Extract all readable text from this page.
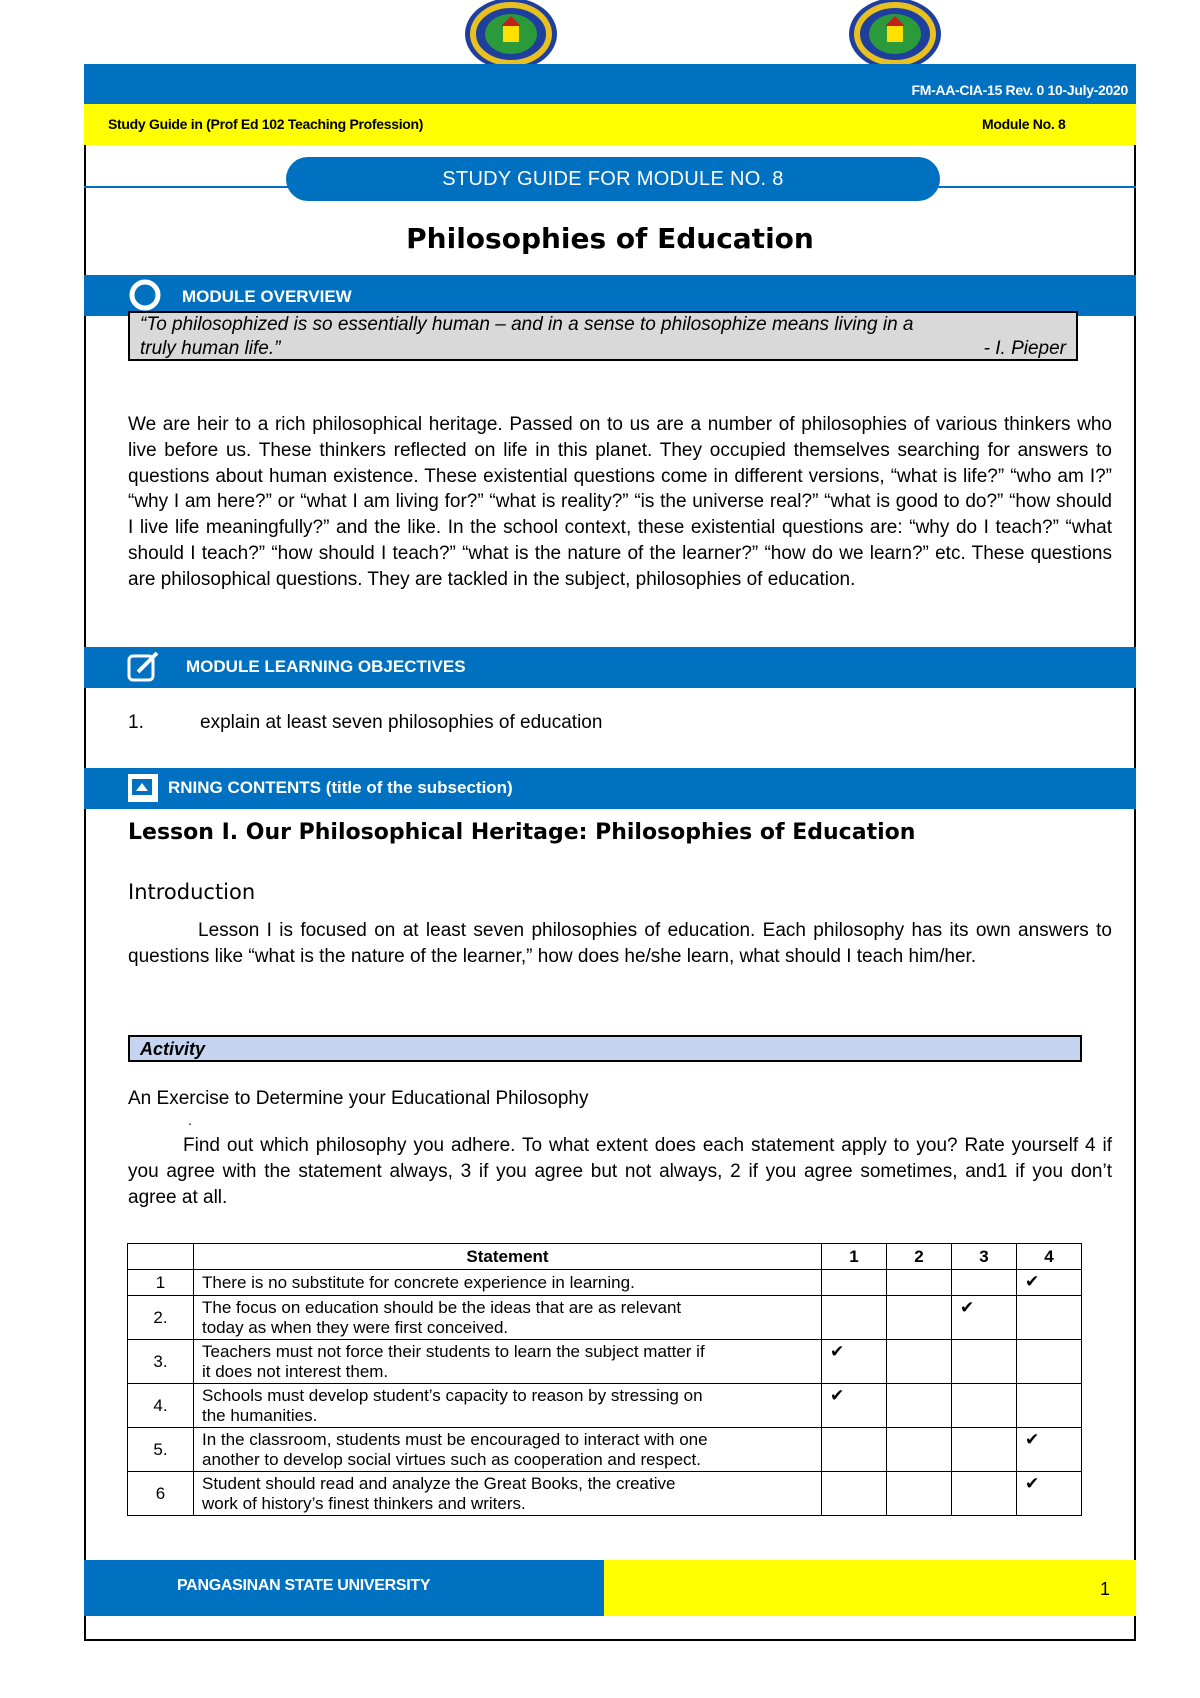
FM-AA-CIA-15 Rev. 0 10-July-2020
Study Guide in (Prof Ed 102 Teaching Profession)	Module No. 8
STUDY GUIDE FOR MODULE NO. 8
Philosophies of Education
MODULE OVERVIEW
“To philosophized is so essentially human – and in a sense to philosophize means living in a
truly human life.”	- I. Pieper
We are heir to a rich philosophical heritage. Passed on to us are a number of philosophies of various thinkers who live before us. These thinkers reflected on life in this planet. They occupied themselves searching for answers to questions about human existence. These existential questions come in different versions, “what is life?” “who am I?” “why I am here?” or “what I am living for?” “what is reality?” “is the universe real?” “what is good to do?” “how should I live life meaningfully?” and the like. In the school context, these existential questions are: “why do I teach?” “what should I teach?” “how should I teach?” “what is the nature of the learner?” “how do we learn?” etc. These questions are philosophical questions. They are tackled in the subject, philosophies of education.
MODULE LEARNING OBJECTIVES
1.	explain at least seven philosophies of education
RNING CONTENTS (title of the subsection)
Lesson I. Our Philosophical Heritage: Philosophies of Education
Introduction
Lesson I is focused on at least seven philosophies of education. Each philosophy has its own answers to questions like “what is the nature of the learner,” how does he/she learn, what should I teach him/her.
Activity
An Exercise to Determine your Educational Philosophy
.
Find out which philosophy you adhere. To what extent does each statement apply to you? Rate yourself 4 if you agree with the statement always, 3 if you agree but not always, 2 if you agree sometimes, and1 if you don’t agree at all.
	Statement	1	2	3	4
1	There is no substitute for concrete experience in learning.				✔
2.	The focus on education should be the ideas that are as relevant
today as when they were first conceived.			✔	
3.	Teachers must not force their students to learn the subject matter if
it does not interest them.	✔			
4.	Schools must develop student’s capacity to reason by stressing on
the humanities.	✔			
5.	In the classroom, students must be encouraged to interact with one
another to develop social virtues such as cooperation and respect.				✔
6	Student should read and analyze the Great Books, the creative
work of history’s finest thinkers and writers.				✔
PANGASINAN STATE UNIVERSITY	1
